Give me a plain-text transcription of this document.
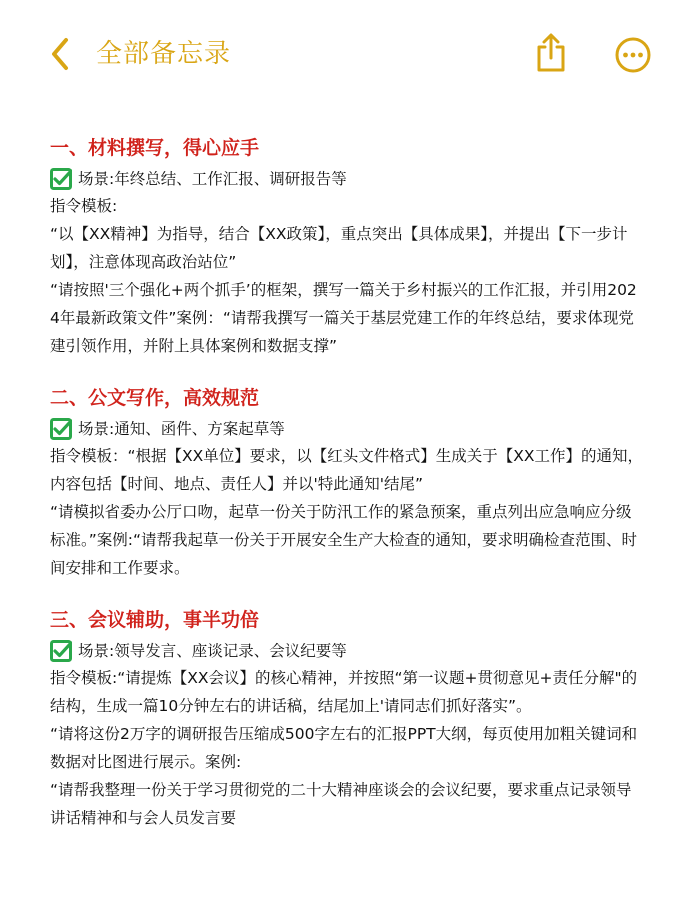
全部备忘录
一、材料撰写，得心应手
场景:年终总结、工作汇报、调研报告等

指令模板:

“以【XX精神】为指导，结合【XX政策】，重点突出【具体成果】，并提出【下一步计划】，注意体现高政治站位”

“请按照'三个强化+两个抓手’的框架，撰写一篇关于乡村振兴的工作汇报，并引用2024年最新政策文件”案例：“请帮我撰写一篇关于基层党建工作的年终总结，要求体现党建引领作用，并附上具体案例和数据支撑”

二、公文写作，高效规范
场景:通知、函件、方案起草等

指令模板：“根据【XX单位】要求，以【红头文件格式】生成关于【XX工作】的通知，内容包括【时间、地点、责任人】并以'特此通知'结尾”

“请模拟省委办公厅口吻，起草一份关于防汛工作的紧急预案，重点列出应急响应分级标准。”案例:“请帮我起草一份关于开展安全生产大检查的通知，要求明确检查范围、时间安排和工作要求。

三、会议辅助，事半功倍
场景:领导发言、座谈记录、会议纪要等

指令模板:“请提炼【XX会议】的核心精神，并按照“第一议题+贯彻意见+责任分解"的结构，生成一篇10分钟左右的讲话稿，结尾加上'请同志们抓好落实”。

“请将这份2万字的调研报告压缩成500字左右的汇报PPT大纲，每页使用加粗关键词和数据对比图进行展示。案例:

“请帮我整理一份关于学习贯彻党的二十大精神座谈会的会议纪要，要求重点记录领导讲话精神和与会人员发言要
